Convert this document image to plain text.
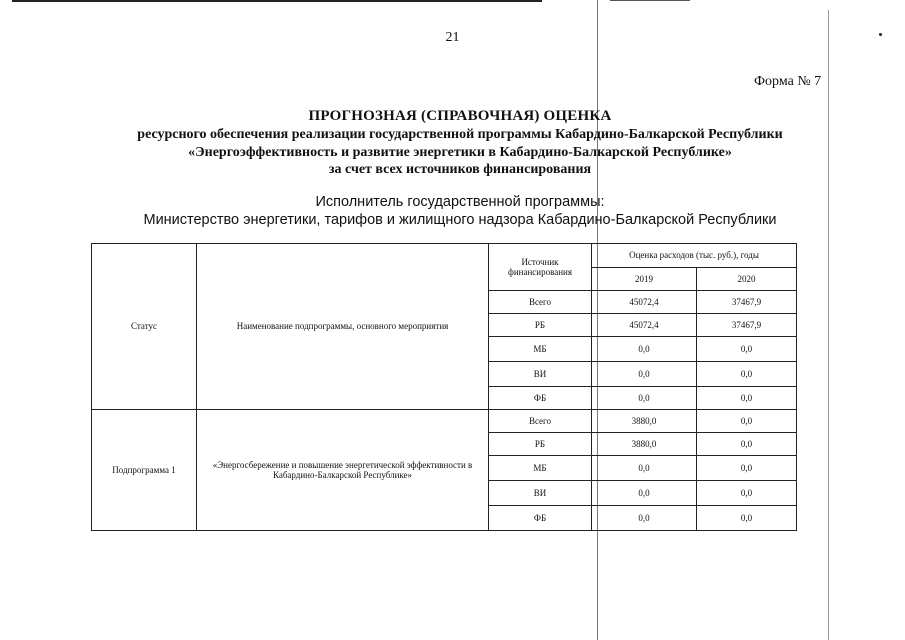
21
Форма № 7
ПРОГНОЗНАЯ (СПРАВОЧНАЯ) ОЦЕНКА
ресурсного обеспечения реализации государственной программы Кабардино-Балкарской Республики
«Энергоэффективность и развитие энергетики в Кабардино-Балкарской Республике»
за счет всех источников финансирования
Исполнитель государственной программы:
Министерство энергетики, тарифов и жилищного надзора Кабардино-Балкарской Республики
Статус	Наименование подпрограммы, основного мероприятия	Источник финансирования	Оценка расходов (тыс. руб.), годы	
			2019	2020
		Всего	45072,4	37467,9
		РБ	45072,4	37467,9
		МБ	0,0	0,0
		ВИ	0,0	0,0
		ФБ	0,0	0,0
Подпрограмма 1	«Энергосбережение и повышение энергетической эффективности в Кабардино-Балкарской Республике»	Всего	3880,0	0,0
		РБ	3880,0	0,0
		МБ	0,0	0,0
		ВИ	0,0	0,0
		ФБ	0,0	0,0
